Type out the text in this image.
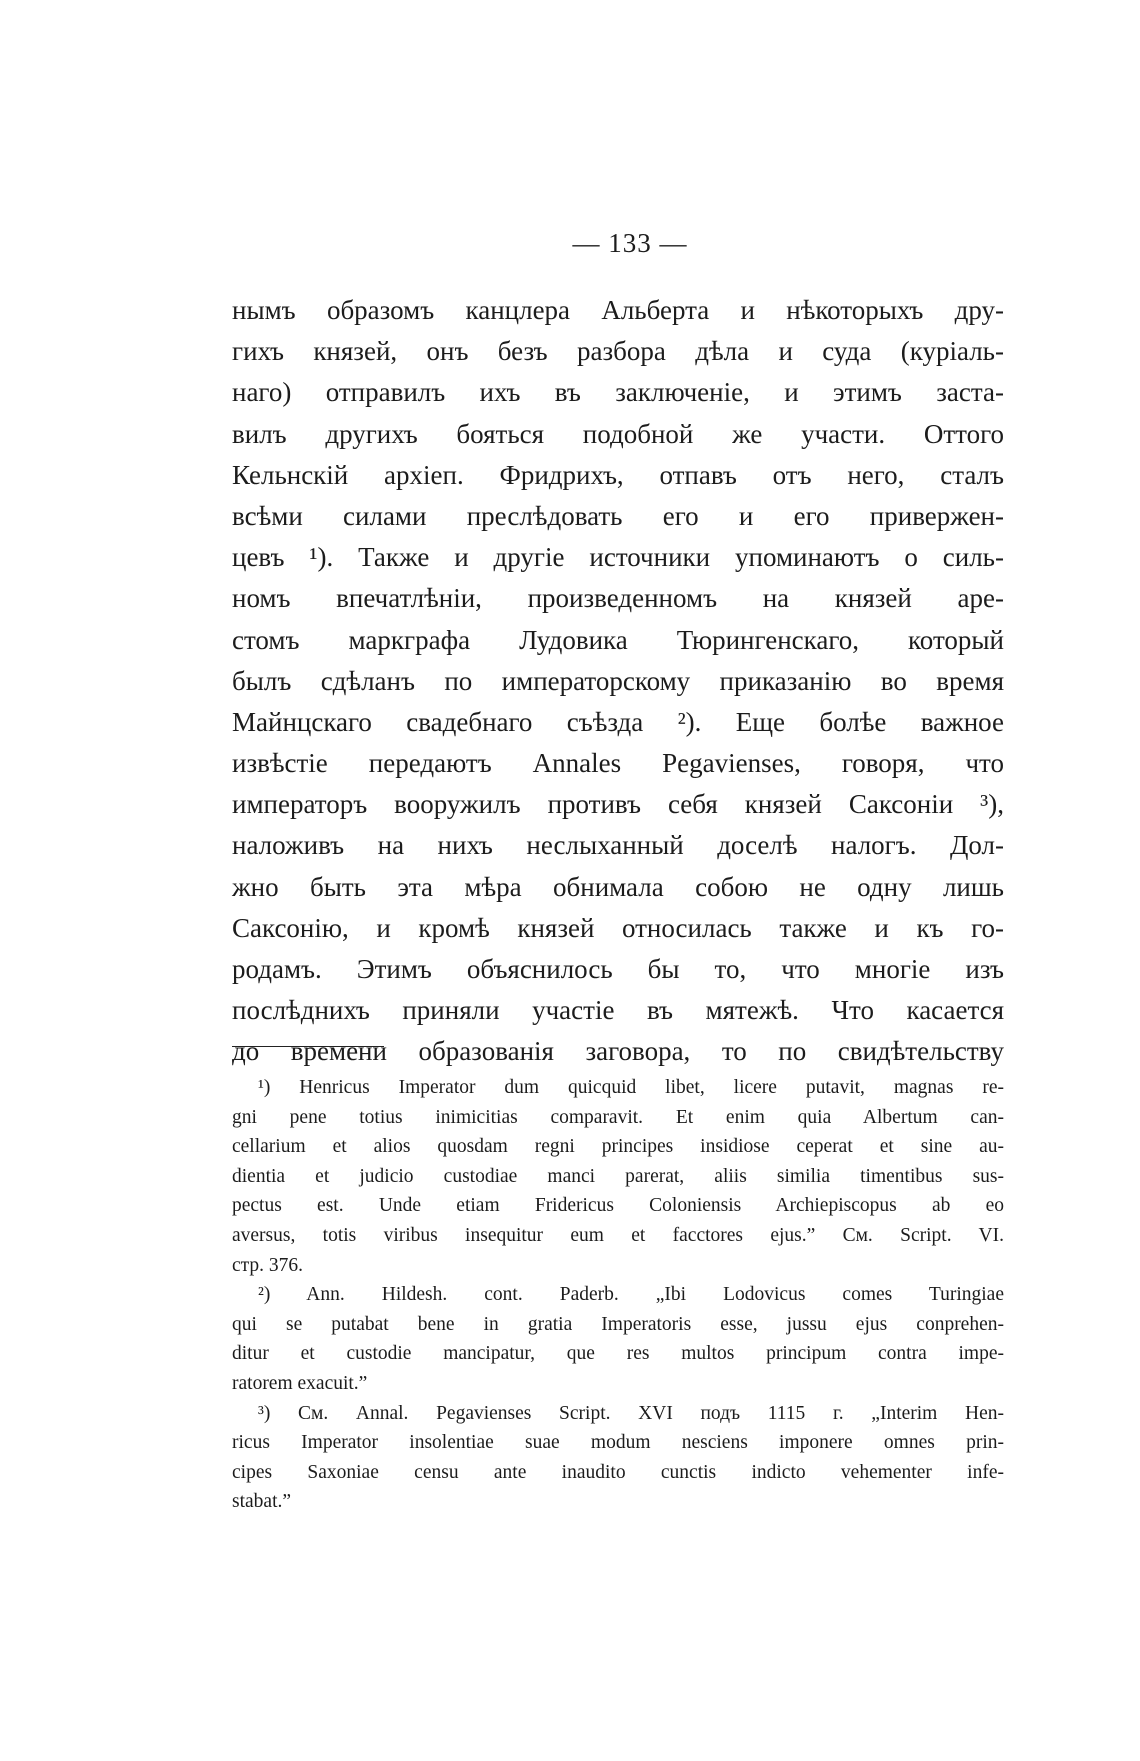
— 133 —
нымъ образомъ канцлера Альберта и нѣкоторыхъ дру-
гихъ князей, онъ безъ разбора дѣла и суда (куріаль-
наго) отправилъ ихъ въ заключеніе, и этимъ заста-
вилъ другихъ бояться подобной же участи. Оттого
Кельнскій архіеп. Фридрихъ, отпавъ отъ него, сталъ
всѣми силами преслѣдовать его и его привержен-
цевъ ¹). Также и другіе источники упоминаютъ о силь-
номъ впечатлѣніи, произведенномъ на князей аре-
стомъ маркграфа Лудовика Тюрингенскаго, который
былъ сдѣланъ по императорскому приказанію во время
Майнцскаго свадебнаго съѣзда ²). Еще болѣе важное
извѣстіе передаютъ Annales Pegavienses, говоря, что
императоръ вооружилъ противъ себя князей Саксоніи ³),
наложивъ на нихъ неслыханный доселѣ налогъ. Дол-
жно быть эта мѣра обнимала собою не одну лишь
Саксонію, и кромѣ князей относилась также и къ го-
родамъ. Этимъ объяснилось бы то, что многіе изъ
послѣднихъ приняли участіе въ мятежѣ. Что касается
до времени образованія заговора, то по свидѣтельству
¹) Henricus Imperator dum quicquid libet, licere putavit, magnas re-
gni pene totius inimicitias comparavit. Et enim quia Albertum can-
cellarium et alios quosdam regni principes insidiose ceperat et sine au-
dientia et judicio custodiae manci parerat, aliis similia timentibus sus-
pectus est. Unde etiam Fridericus Coloniensis Archiepiscopus ab eo
aversus, totis viribus insequitur eum et facctores ejus.” См. Script. VI.
стр. 376.
²) Ann. Hildesh. cont. Paderb. „Ibi Lodovicus comes Turingiae
qui se putabat bene in gratia Imperatoris esse, jussu ejus conprehen-
ditur et custodie mancipatur, que res multos principum contra impe-
ratorem exacuit.”
³) См. Annal. Pegavienses Script. XVI подъ 1115 г. „Interim Hen-
ricus Imperator insolentiae suae modum nesciens imponere omnes prin-
cipes Saxoniae censu ante inaudito cunctis indicto vehementer infe-
stabat.”
